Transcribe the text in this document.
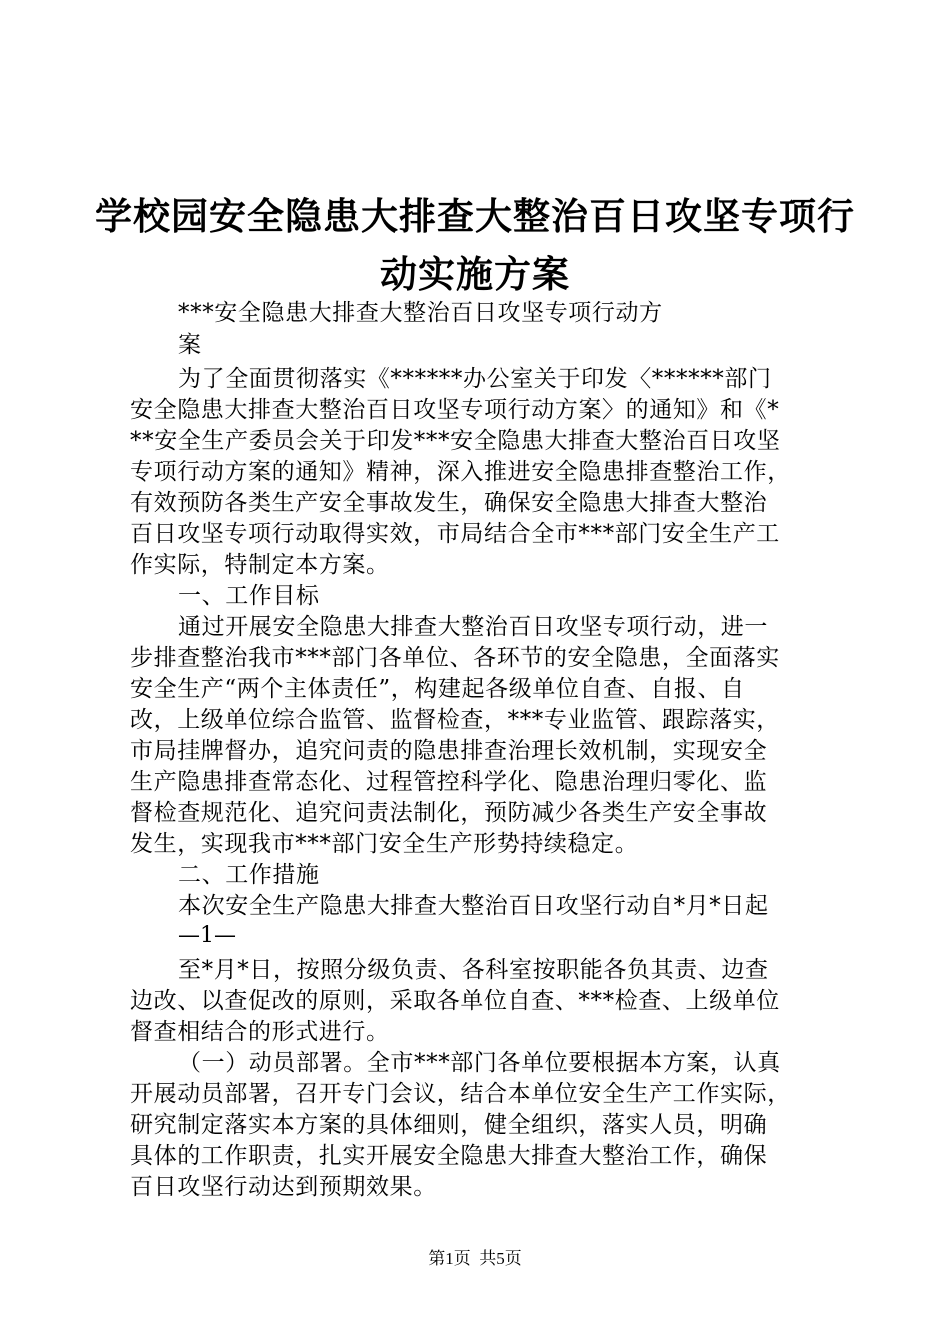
学校园安全隐患大排查大整治百日攻坚专项行
动实施方案
***安全隐患大排查大整治百日攻坚专项行动方
案
为了全面贯彻落实《******办公室关于印发〈******部门
安全隐患大排查大整治百日攻坚专项行动方案〉的通知》和《*
**安全生产委员会关于印发***安全隐患大排查大整治百日攻坚
专项行动方案的通知》精神，深入推进安全隐患排查整治工作，
有效预防各类生产安全事故发生，确保安全隐患大排查大整治
百日攻坚专项行动取得实效，市局结合全市***部门安全生产工
作实际，特制定本方案。
一、工作目标
通过开展安全隐患大排查大整治百日攻坚专项行动，进一
步排查整治我市***部门各单位、各环节的安全隐患，全面落实
安全生产“两个主体责任”，构建起各级单位自查、自报、自
改，上级单位综合监管、监督检查，***专业监管、跟踪落实，
市局挂牌督办，追究问责的隐患排查治理长效机制，实现安全
生产隐患排查常态化、过程管控科学化、隐患治理归零化、监
督检查规范化、追究问责法制化，预防减少各类生产安全事故
发生，实现我市***部门安全生产形势持续稳定。
二、工作措施
本次安全生产隐患大排查大整治百日攻坚行动自*月*日起
—1—
至*月*日，按照分级负责、各科室按职能各负其责、边查
边改、以查促改的原则，采取各单位自查、***检查、上级单位
督查相结合的形式进行。
（一）动员部署。全市***部门各单位要根据本方案，认真
开展动员部署，召开专门会议，结合本单位安全生产工作实际，
研究制定落实本方案的具体细则，健全组织，落实人员，明确
具体的工作职责，扎实开展安全隐患大排查大整治工作，确保
百日攻坚行动达到预期效果。
第1页  共5页
